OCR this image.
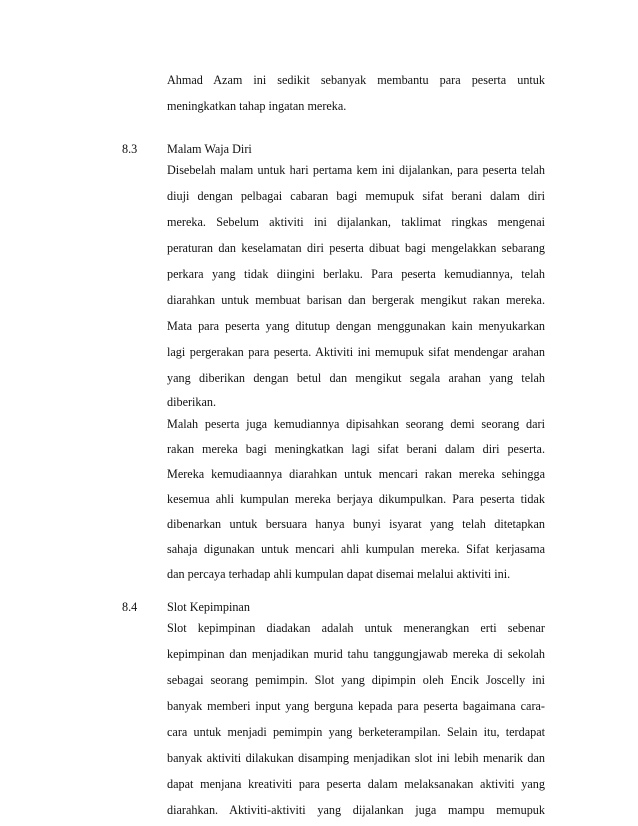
Ahmad Azam ini sedikit sebanyak membantu para peserta untuk
meningkatkan tahap ingatan mereka.
8.3 Malam Waja Diri
Disebelah malam untuk hari pertama kem ini dijalankan, para peserta telah
diuji dengan pelbagai cabaran bagi memupuk sifat berani dalam diri
mereka. Sebelum aktiviti ini dijalankan, taklimat ringkas mengenai
peraturan dan keselamatan diri peserta dibuat bagi mengelakkan sebarang
perkara yang tidak diingini berlaku. Para peserta kemudiannya, telah
diarahkan untuk membuat barisan dan bergerak mengikut rakan mereka.
Mata para peserta yang ditutup dengan menggunakan kain menyukarkan
lagi pergerakan para peserta. Aktiviti ini memupuk sifat mendengar arahan
yang diberikan dengan betul dan mengikut segala arahan yang telah
diberikan.
Malah peserta juga kemudiannya dipisahkan seorang demi seorang dari
rakan mereka bagi meningkatkan lagi sifat berani dalam diri peserta.
Mereka kemudiaannya diarahkan untuk mencari rakan mereka sehingga
kesemua ahli kumpulan mereka berjaya dikumpulkan. Para peserta tidak
dibenarkan untuk bersuara hanya bunyi isyarat yang telah ditetapkan
sahaja digunakan untuk mencari ahli kumpulan mereka. Sifat kerjasama
dan percaya terhadap ahli kumpulan dapat disemai melalui aktiviti ini.
8.4 Slot Kepimpinan
Slot kepimpinan diadakan adalah untuk menerangkan erti sebenar
kepimpinan dan menjadikan murid tahu tanggungjawab mereka di sekolah
sebagai seorang pemimpin. Slot yang dipimpin oleh Encik Joscelly ini
banyak memberi input yang berguna kepada para peserta bagaimana cara-
cara untuk menjadi pemimpin yang berketerampilan. Selain itu, terdapat
banyak aktiviti dilakukan disamping menjadikan slot ini lebih menarik dan
dapat menjana kreativiti para peserta dalam melaksanakan aktiviti yang
diarahkan. Aktiviti-aktiviti yang dijalankan juga mampu memupuk
